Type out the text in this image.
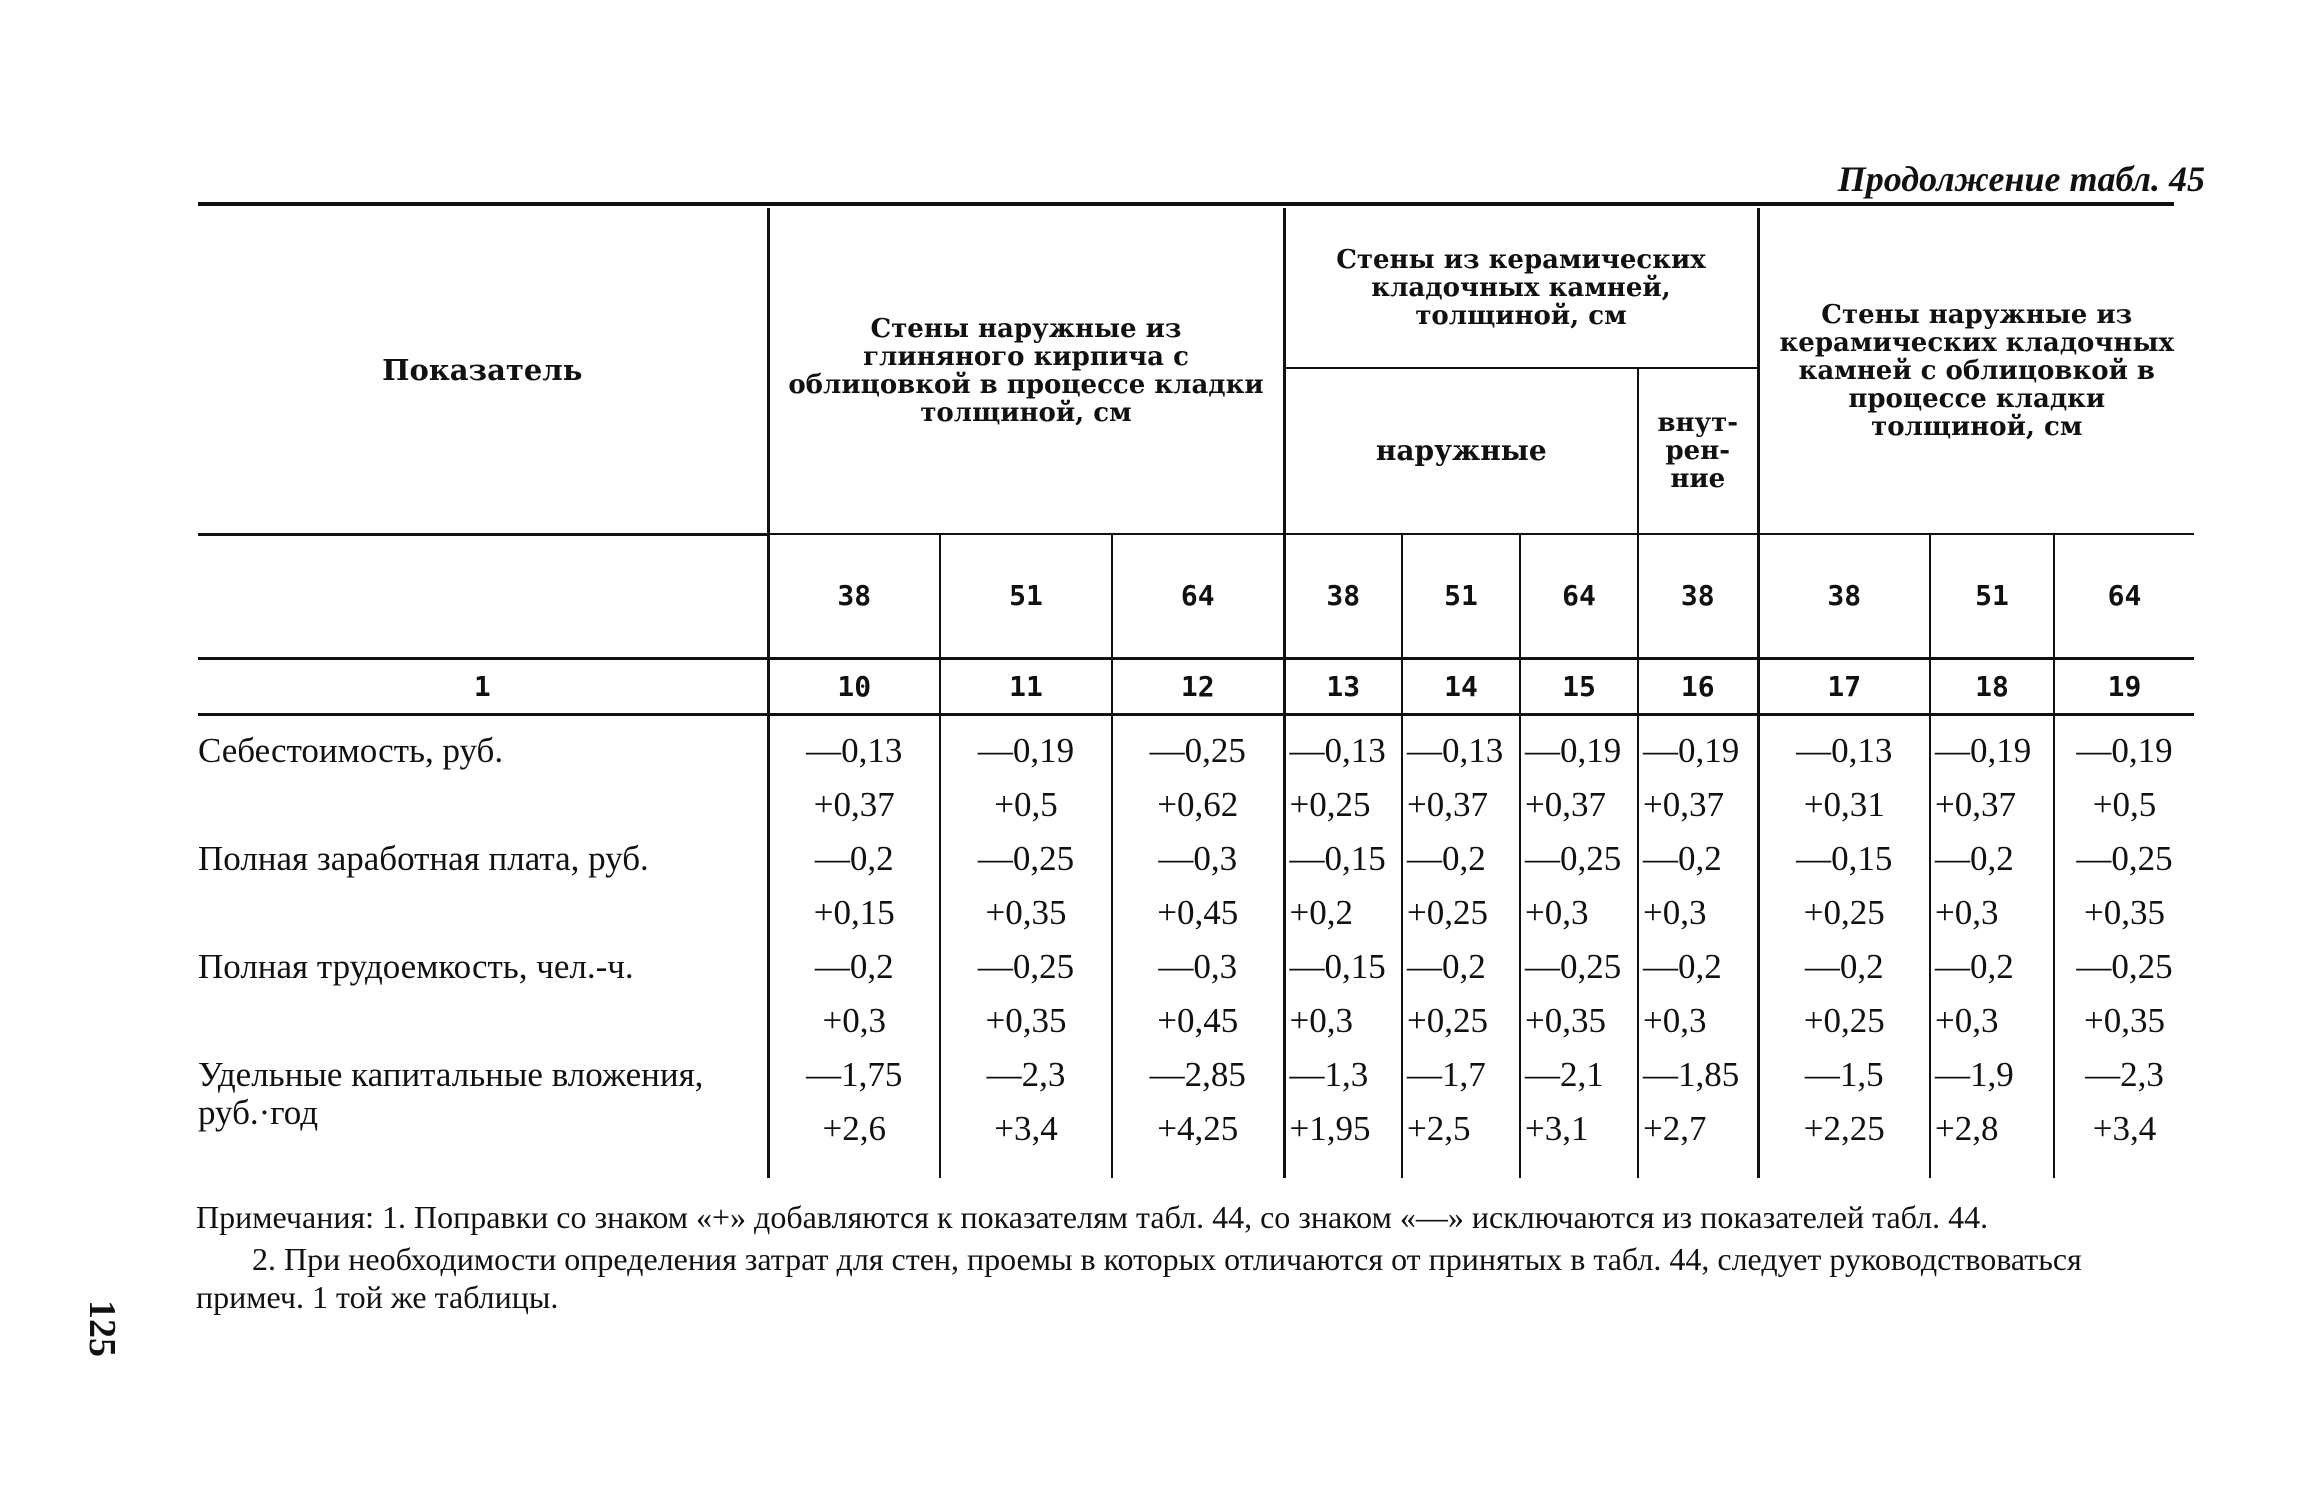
Продолжение табл. 45
Показатель	Стены наружные из глиняного кирпича с облицовкой в процессе кладки толщиной, см			Стены из керамических кладочных камней, толщиной, см				Стены наружные из керамических кладочных камней с облицовкой в процессе кладки толщиной, см		
				наружные			внут-рен-ние			
	38	51	64	38	51	64	38	38	51	64
1	10	11	12	13	14	15	16	17	18	19

Себестоимость, руб.	—0,13	—0,19	—0,25	—0,13	—0,13	—0,19	—0,19	—0,13	—0,19	—0,19
	+0,37	+0,5	+0,62	+0,25	+0,37	+0,37	+0,37	+0,31	+0,37	+0,5
Полная заработная плата, руб.	—0,2	—0,25	—0,3	—0,15	—0,2	—0,25	—0,2	—0,15	—0,2	—0,25
	+0,15	+0,35	+0,45	+0,2	+0,25	+0,3	+0,3	+0,25	+0,3	+0,35
Полная трудоемкость, чел.-ч.	—0,2	—0,25	—0,3	—0,15	—0,2	—0,25	—0,2	—0,2	—0,2	—0,25
	+0,3	+0,35	+0,45	+0,3	+0,25	+0,35	+0,3	+0,25	+0,3	+0,35
Удельные капитальные вложения, руб.·год	—1,75	—2,3	—2,85	—1,3	—1,7	—2,1	—1,85	—1,5	—1,9	—2,3
	+2,6	+3,4	+4,25	+1,95	+2,5	+3,1	+2,7	+2,25	+2,8	+3,4

Примечания: 1. Поправки со знаком «+» добавляются к показателям табл. 44, со знаком «—» исключаются из показателей табл. 44.

2. При необходимости определения затрат для стен, проемы в которых отличаются от принятых в табл. 44, следует руководствоваться примеч. 1 той же таблицы.

125
